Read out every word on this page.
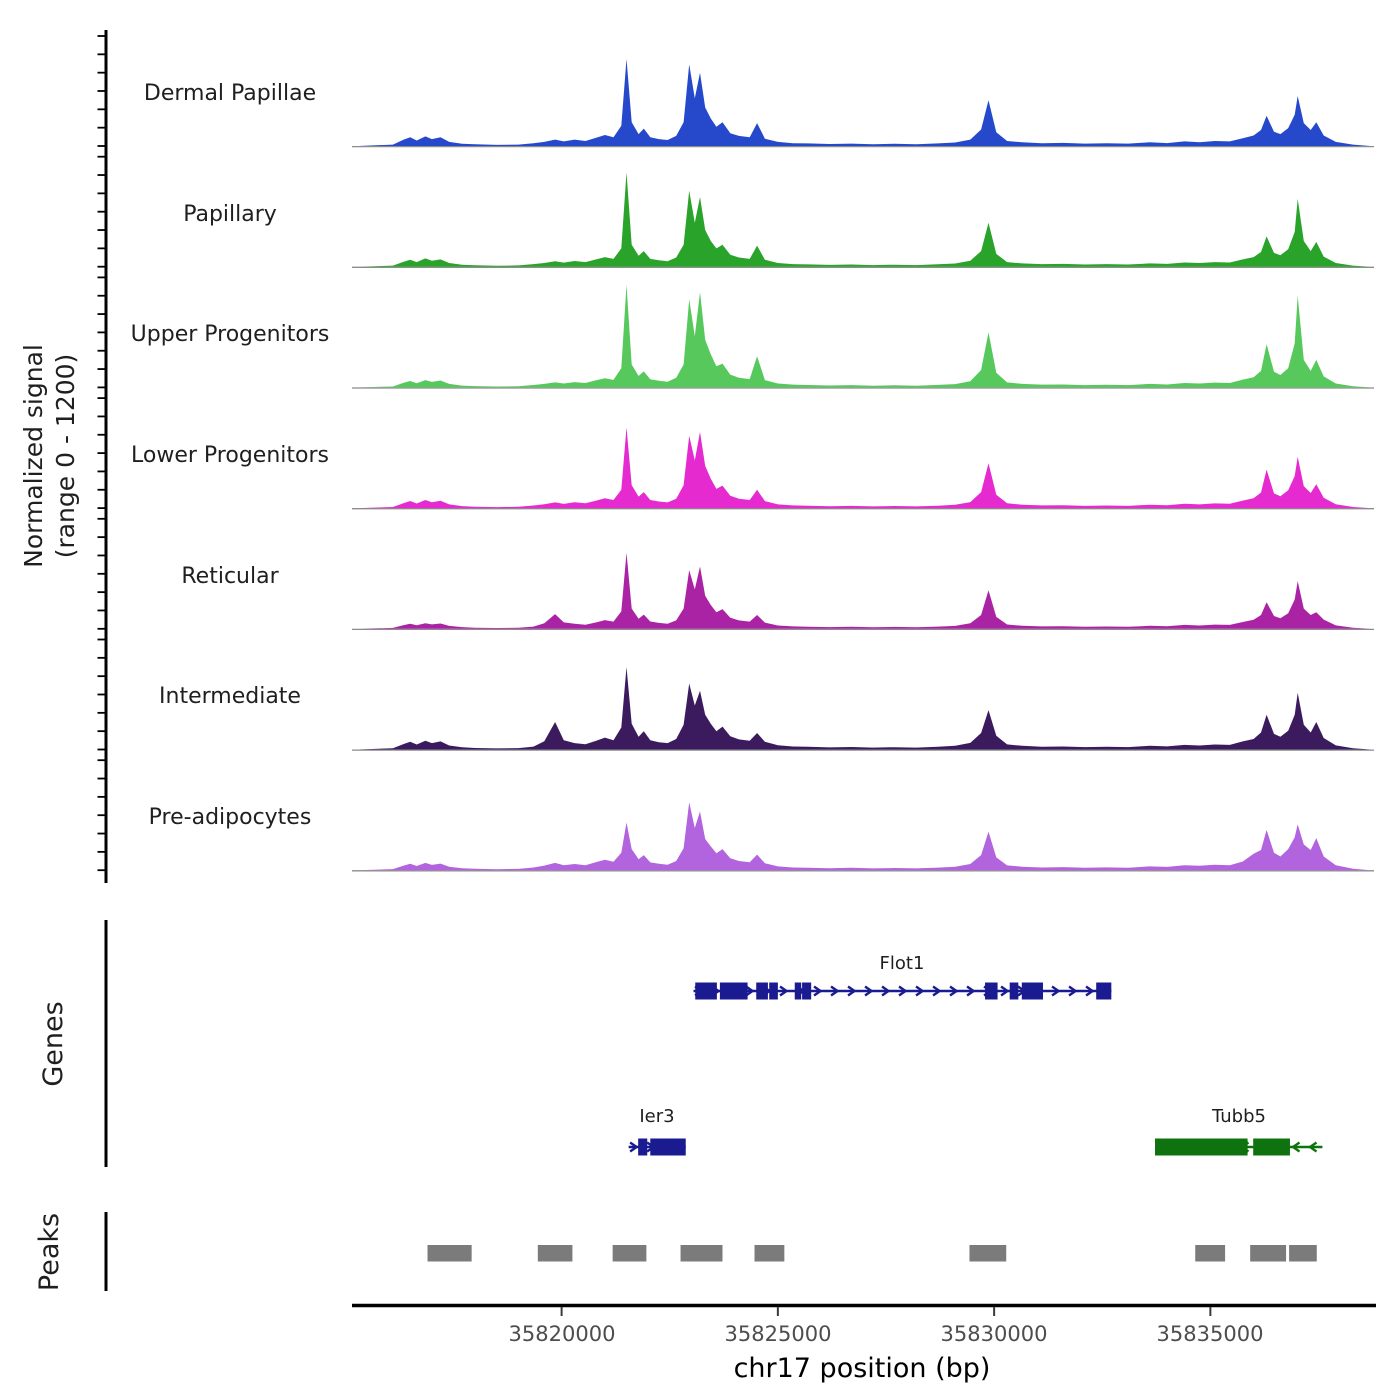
Dermal Papillae
Papillary
Upper Progenitors
Lower Progenitors
Reticular
Intermediate
Pre-adipocytes
Normalized signal (range 0 - 1200)
Flot1
Ier3	Tubb5
Genes
Peaks
35820000	35825000	35830000	35835000
chr17 position (bp)
